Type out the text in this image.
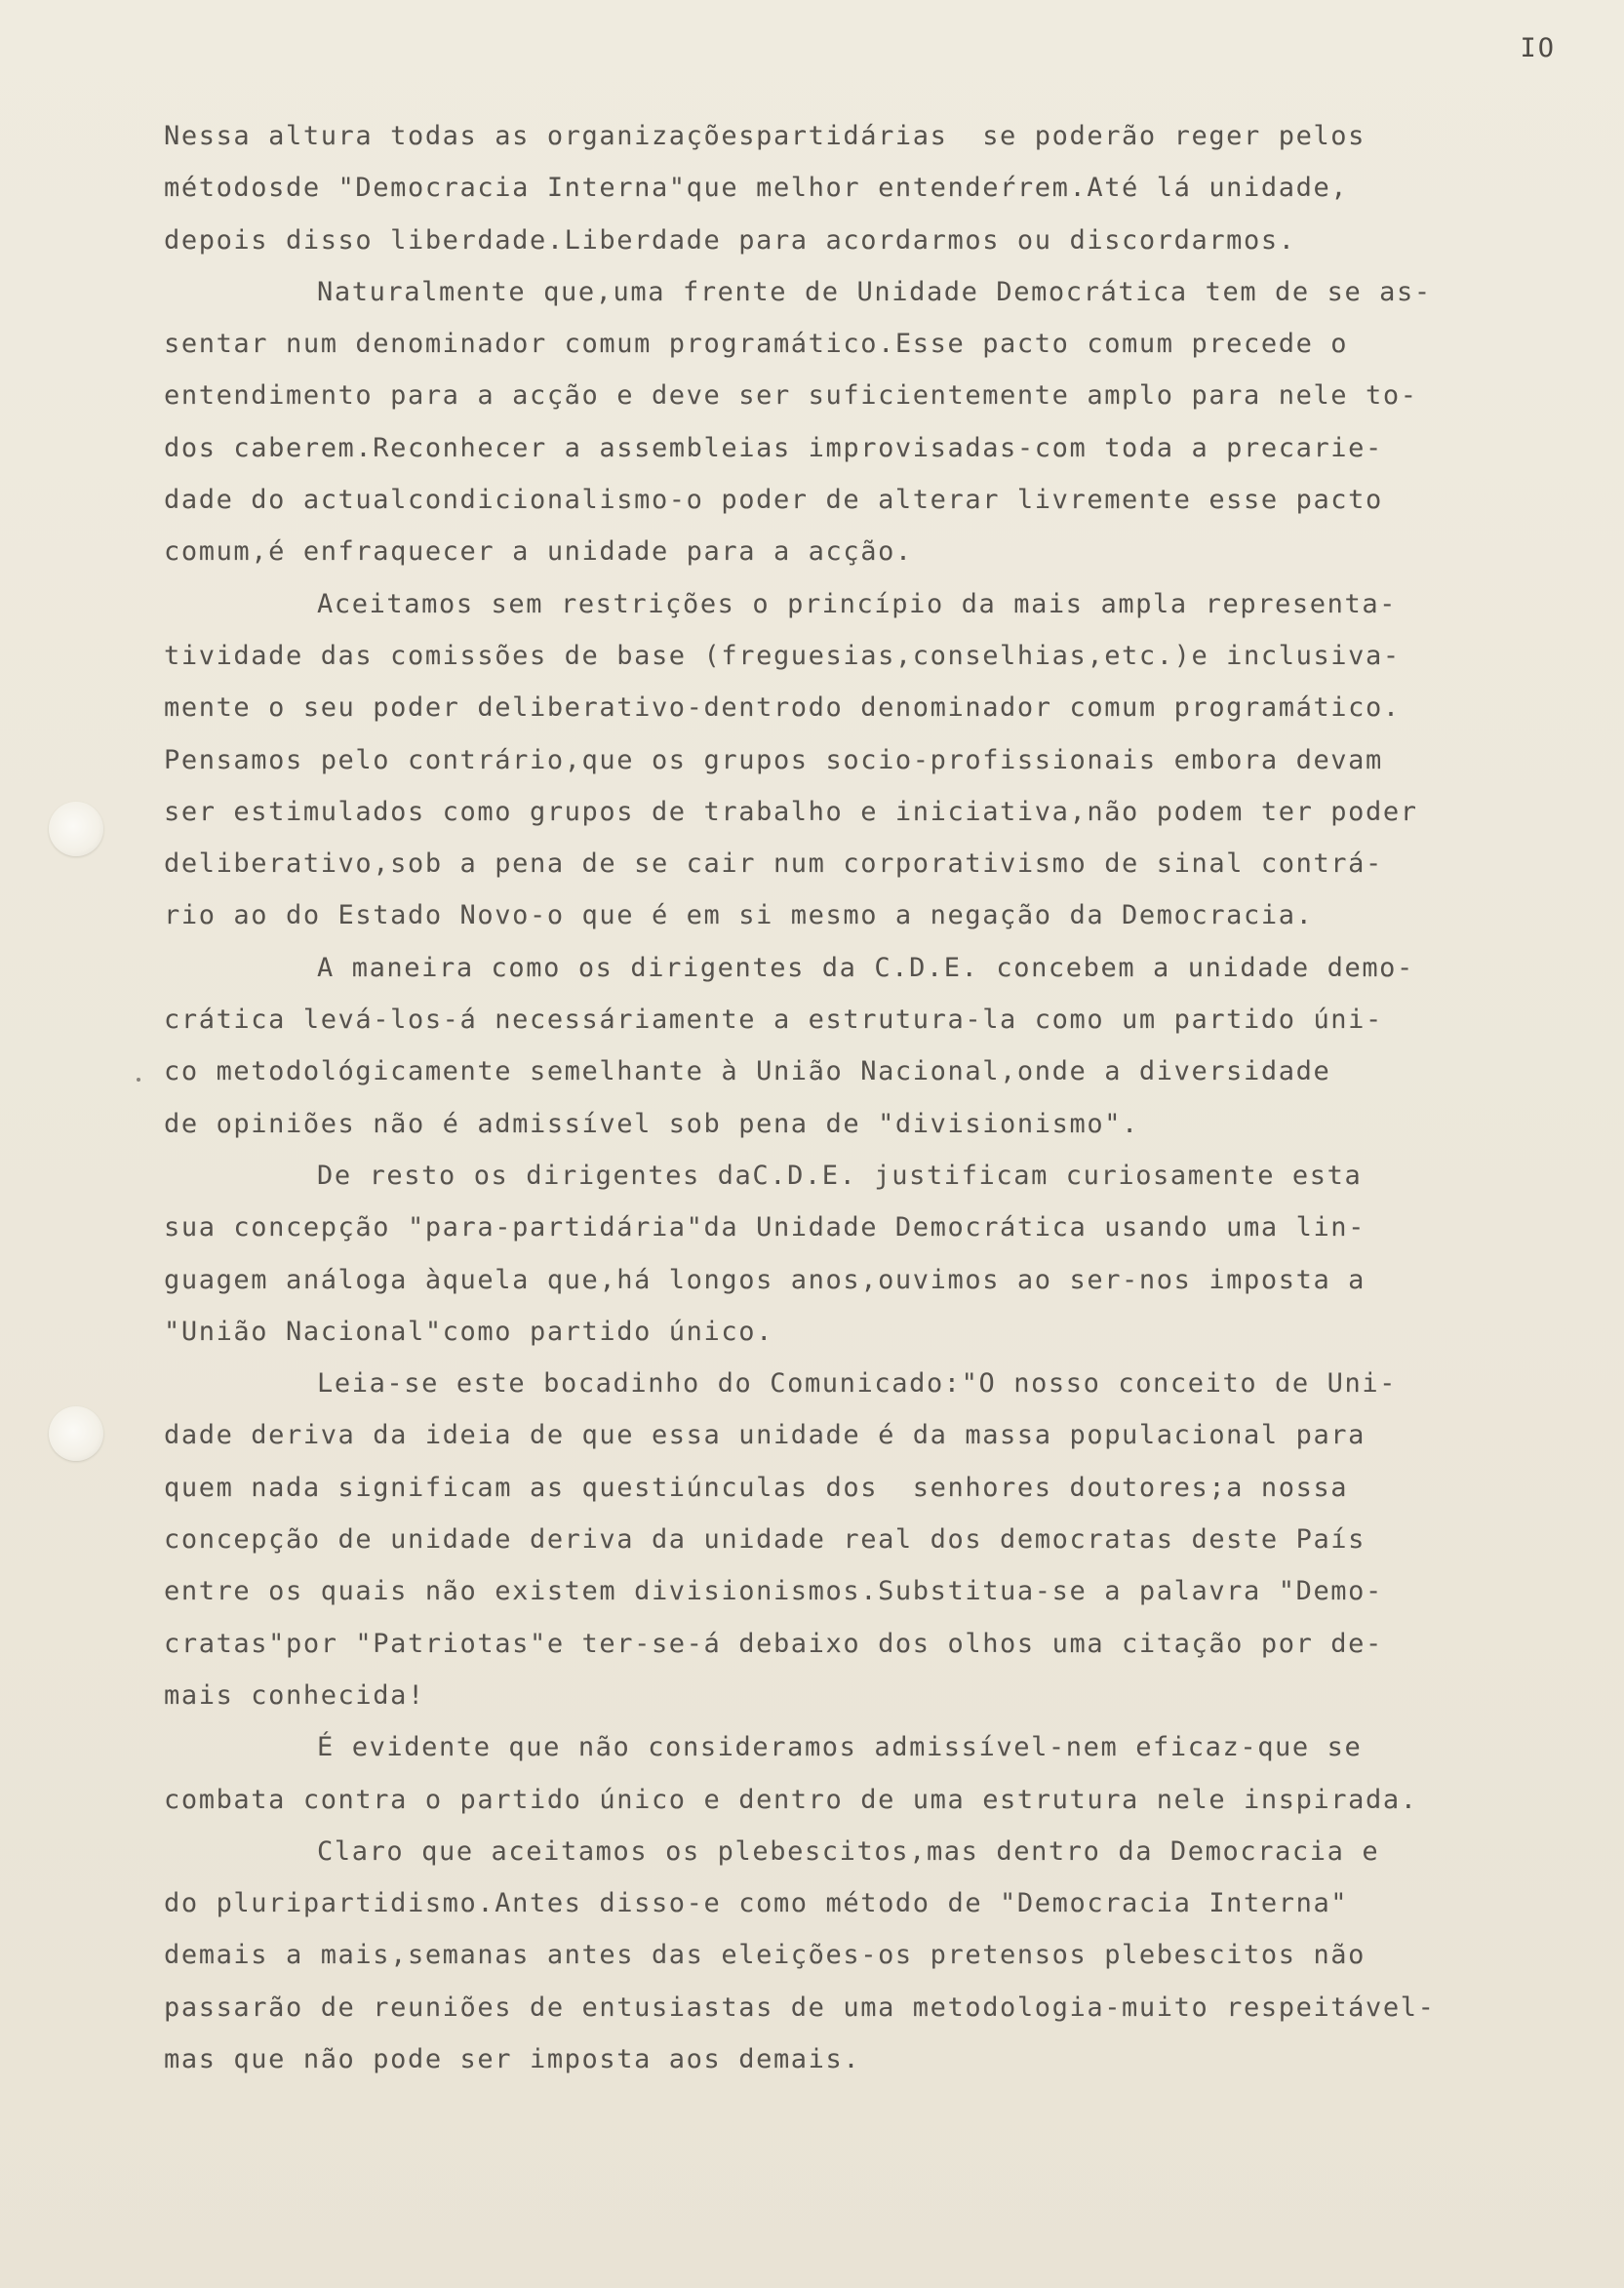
IO

Nessa altura todas as organizaçõespartidárias  se poderão reger pelos

métodosde "Democracia Interna"que melhor entendeŕrem.Até lá unidade,

depois disso liberdade.Liberdade para acordarmos ou discordarmos.

Naturalmente que,uma frente de Unidade Democrática tem de se as-

sentar num denominador comum programático.Esse pacto comum precede o

entendimento para a acção e deve ser suficientemente amplo para nele to-

dos caberem.Reconhecer a assembleias improvisadas-com toda a precarie-

dade do actualcondicionalismo-o poder de alterar livremente esse pacto

comum,é enfraquecer a unidade para a acção.

Aceitamos sem restrições o princípio da mais ampla representa-

tividade das comissões de base (freguesias,conselhias,etc.)e inclusiva-

mente o seu poder deliberativo-dentrodo denominador comum programático.

Pensamos pelo contrário,que os grupos socio-profissionais embora devam

ser estimulados como grupos de trabalho e iniciativa,não podem ter poder

deliberativo,sob a pena de se cair num corporativismo de sinal contrá-

rio ao do Estado Novo-o que é em si mesmo a negação da Democracia.

A maneira como os dirigentes da C.D.E. concebem a unidade demo-

crática levá-los-á necessáriamente a estrutura-la como um partido úni-

co metodológicamente semelhante à União Nacional,onde a diversidade

de opiniões não é admissível sob pena de "divisionismo".

De resto os dirigentes daC.D.E. justificam curiosamente esta

sua concepção "para-partidária"da Unidade Democrática usando uma lin-

guagem análoga àquela que,há longos anos,ouvimos ao ser-nos imposta a

"União Nacional"como partido único.

Leia-se este bocadinho do Comunicado:"O nosso conceito de Uni-

dade deriva da ideia de que essa unidade é da massa populacional para

quem nada significam as questiúnculas dos  senhores doutores;a nossa

concepção de unidade deriva da unidade real dos democratas deste País

entre os quais não existem divisionismos.Substitua-se a palavra "Demo-

cratas"por "Patriotas"e ter-se-á debaixo dos olhos uma citação por de-

mais conhecida!

É evidente que não consideramos admissível-nem eficaz-que se

combata contra o partido único e dentro de uma estrutura nele inspirada.

Claro que aceitamos os plebescitos,mas dentro da Democracia e

do pluripartidismo.Antes disso-e como método de "Democracia Interna"

demais a mais,semanas antes das eleições-os pretensos plebescitos não

passarão de reuniões de entusiastas de uma metodologia-muito respeitável-

mas que não pode ser imposta aos demais.
